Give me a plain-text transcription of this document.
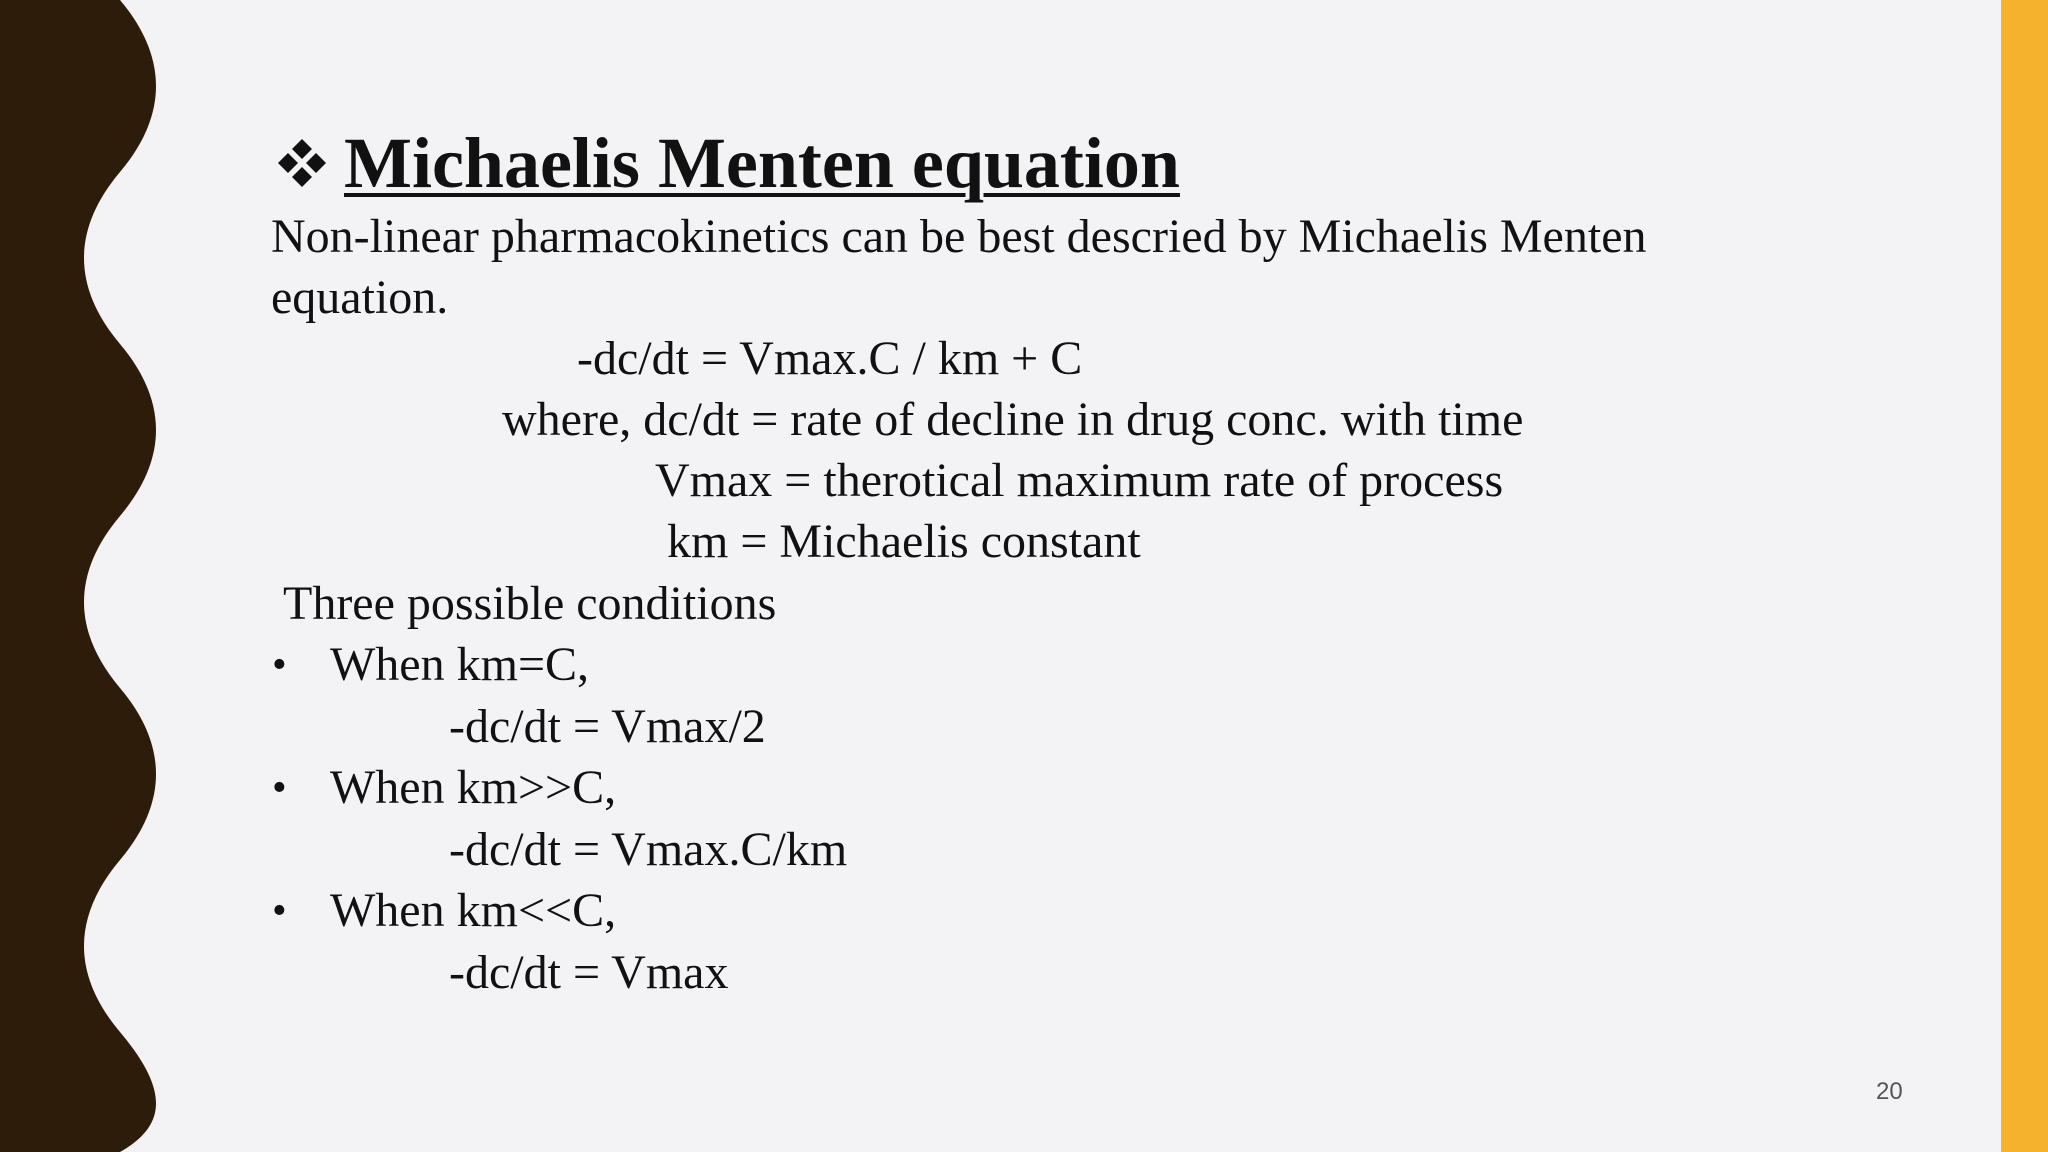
Michaelis Menten equation
Non-linear pharmacokinetics can be best descried by Michaelis Menten
equation.
-dc/dt = Vmax.C / km + C
where, dc/dt = rate of decline in drug conc. with time
Vmax = therotical maximum rate of process
km = Michaelis constant
Three possible conditions
• When km=C,
-dc/dt = Vmax/2
• When km>>C,
-dc/dt = Vmax.C/km
• When km<<C,
-dc/dt = Vmax
20
